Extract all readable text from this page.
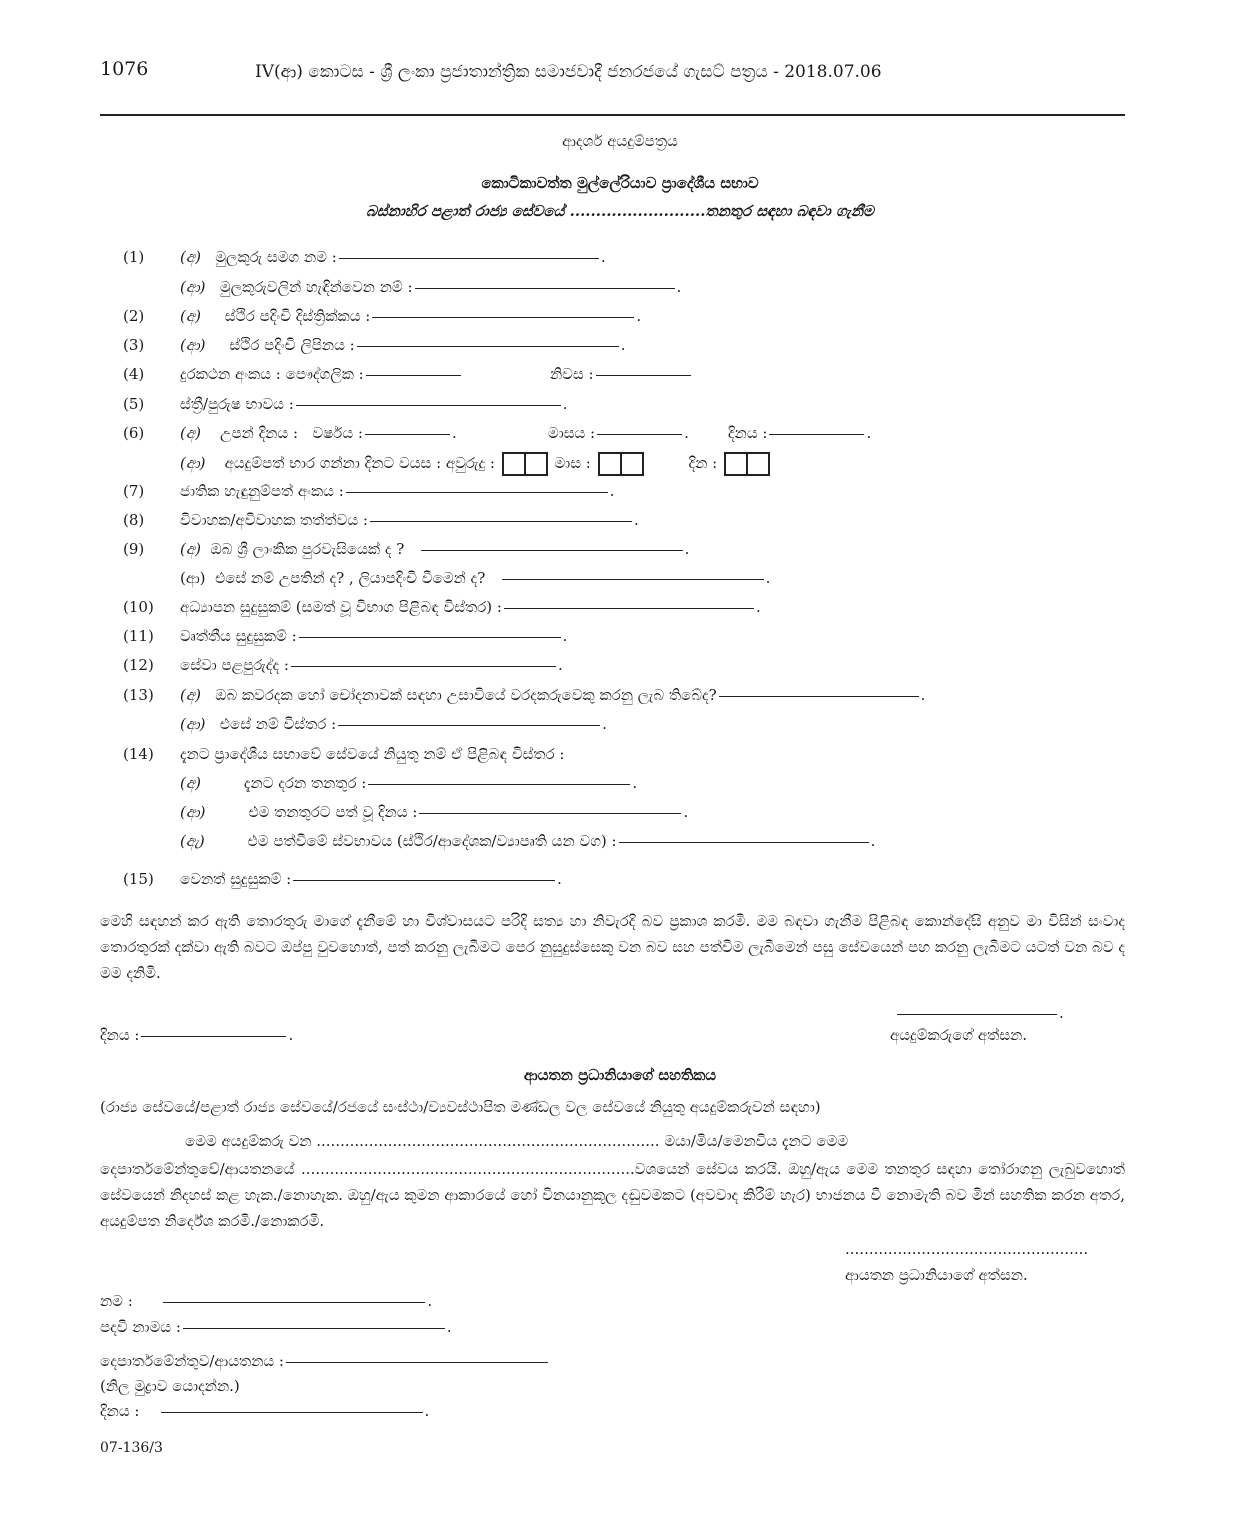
1076	IV(ආ) කොටස - ශ්‍රී ලංකා ප්‍රජාතාන්ත්‍රික සමාජවාදී ජනරජයේ ගැසට් පත්‍රය - 2018.07.06
ආදර්ශ අයදුම්පත්‍රය
කොටිකාවත්ත මුල්ලේරියාව ප්‍රාදේශීය සභාව
බස්නාහිර පළාත් රාජ්‍ය සේවයේ ..........................තනතුර සඳහා බඳවා ගැනීම
(1) (අ) මුලකුරු සමග නම :	.
(ආ) මුලකුරුවලින් හැඳින්වෙන නම් :	.
(2) (අ) ස්ථිර පදිංචි දිස්ත්‍රික්කය :	.
(3) (ආ) ස්ථිර පදිංචි ලිපිනය :	.
(4) දුරකථන අංකය : පෞද්ගලික :	නිවස :
(5) ස්ත්‍රී/පුරුෂ භාවය :	.
(6) (අ) උපන් දිනය : වර්ෂය :	.	මාසය :	.	දිනය :	.
(ආ) අයදුම්පත් භාර ගන්නා දිනට වයස : අවුරුදු :	මාස :	දින :
(7) ජාතික හැඳුනුම්පත් අංකය :	.
(8) විවාහක/අවිවාහක තත්ත්වය :	.
(9) (අ) ඔබ ශ්‍රී ලාංකික පුරවැසියෙක් ද ?	.
(ආ) එසේ නම් උපතින් ද? , ලියාපදිංචි වීමෙන් ද?	.
(10) අධ්‍යාපන සුදුසුකම් (සමත් වූ විභාග පිළිබඳ විස්තර) :	.
(11) වෘත්තීය සුදුසුකම් :	.
(12) සේවා පළපුරුද්ද :	.
(13) (අ) ඔබ කවරදක හෝ චෝදනාවක් සඳහා උසාවියේ වරදකරුවෙකු කරනු ලැබ තිබේද?	.
(ආ) එසේ නම් විස්තර :	.
(14) දැනට ප්‍රාදේශීය සභාවේ සේවයේ නියුතු නම් ඒ පිළිබඳ විස්තර :
(අ)	දැනට දරන තනතුර :	.
(ආ)	එම තනතුරට පත් වූ දිනය :	.
(ඇ)	එම පත්වීමේ ස්වභාවය (ස්ථිර/ආදේශක/ව්‍යාපෘති යන වග) :	.
(15) වෙනත් සුදුසුකම් :	.
මෙහි සඳහන් කර ඇති තොරතුරු මාගේ දැනීමේ හා විශ්වාසයට පරිදි සත්‍ය හා නිවැරදි බව ප්‍රකාශ කරමි. මම බඳවා ගැනීම පිළිබඳ කොන්දේසි අනුව මා විසින් සංවාද තොරතුරක් දක්වා ඇති බවට ඔප්පු වුවහොත්, පත් කරනු ලැබීමට පෙර නුසුදුස්සෙකු වන බව සහ පත්වීම ලැබීමෙන් පසු සේවයෙන් පහ කරනු ලැබීමට යටත් වන බව ද මම දනිමි.
.
දිනය :	.	අයදුම්කරුගේ අත්සන.
ආයතන ප්‍රධානියාගේ සහතිකය
(රාජ්‍ය සේවයේ/පළාත් රාජ්‍ය සේවයේ/රජයේ සංස්ථා/ව්‍යවස්ථාපිත මණ්ඩල වල සේවයේ නියුතු අයදුම්කරුවන් සඳහා)
මෙම අයදුම්කරු වන ........................................................................ මයා/මිය/මෙනවිය දැනට මෙම
දෙපාර්තමේන්තුවේ/ආයතනයේ ......................................................................වශයෙන් සේවය කරයි. ඔහු/ඇය මෙම තනතුර සඳහා තෝරාගනු ලැබුවහොත් සේවයෙන් නිදහස් කළ හැක./නොහැක. ඔහු/ඇය කුමන ආකාරයේ හෝ විනයානුකූල දඬුවමකට (අවවාද කිරීම් හැර) භාජනය වී නොමැති බව මින් සහතික කරන අතර, අයදුම්පත නිර්දේශ කරමි./නොකරමි.
...................................................
ආයතන ප්‍රධානියාගේ අත්සන.
නම :	.
පදවි නාමය :	.
දෙපාර්තමේන්තුව/ආයතනය :
(නිල මුද්‍රාව යොදන්න.)
දිනය :	.
07-136/3
